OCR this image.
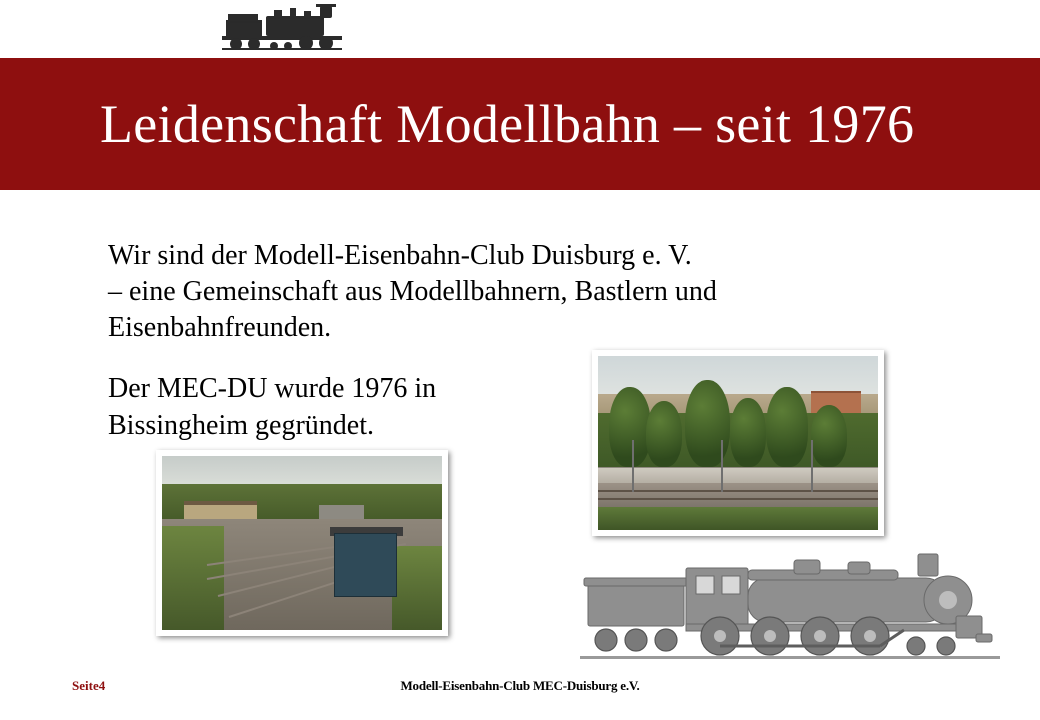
Leidenschaft Modellbahn – seit 1976

Wir sind der Modell-Eisenbahn-Club Duisburg e. V.
– eine Gemeinschaft aus Modellbahnern, Bastlern und
Eisenbahnfreunden.

Der MEC-DU wurde 1976 in
Bissingheim gegründet.

Seite4	Modell-Eisenbahn-Club MEC-Duisburg e.V.
